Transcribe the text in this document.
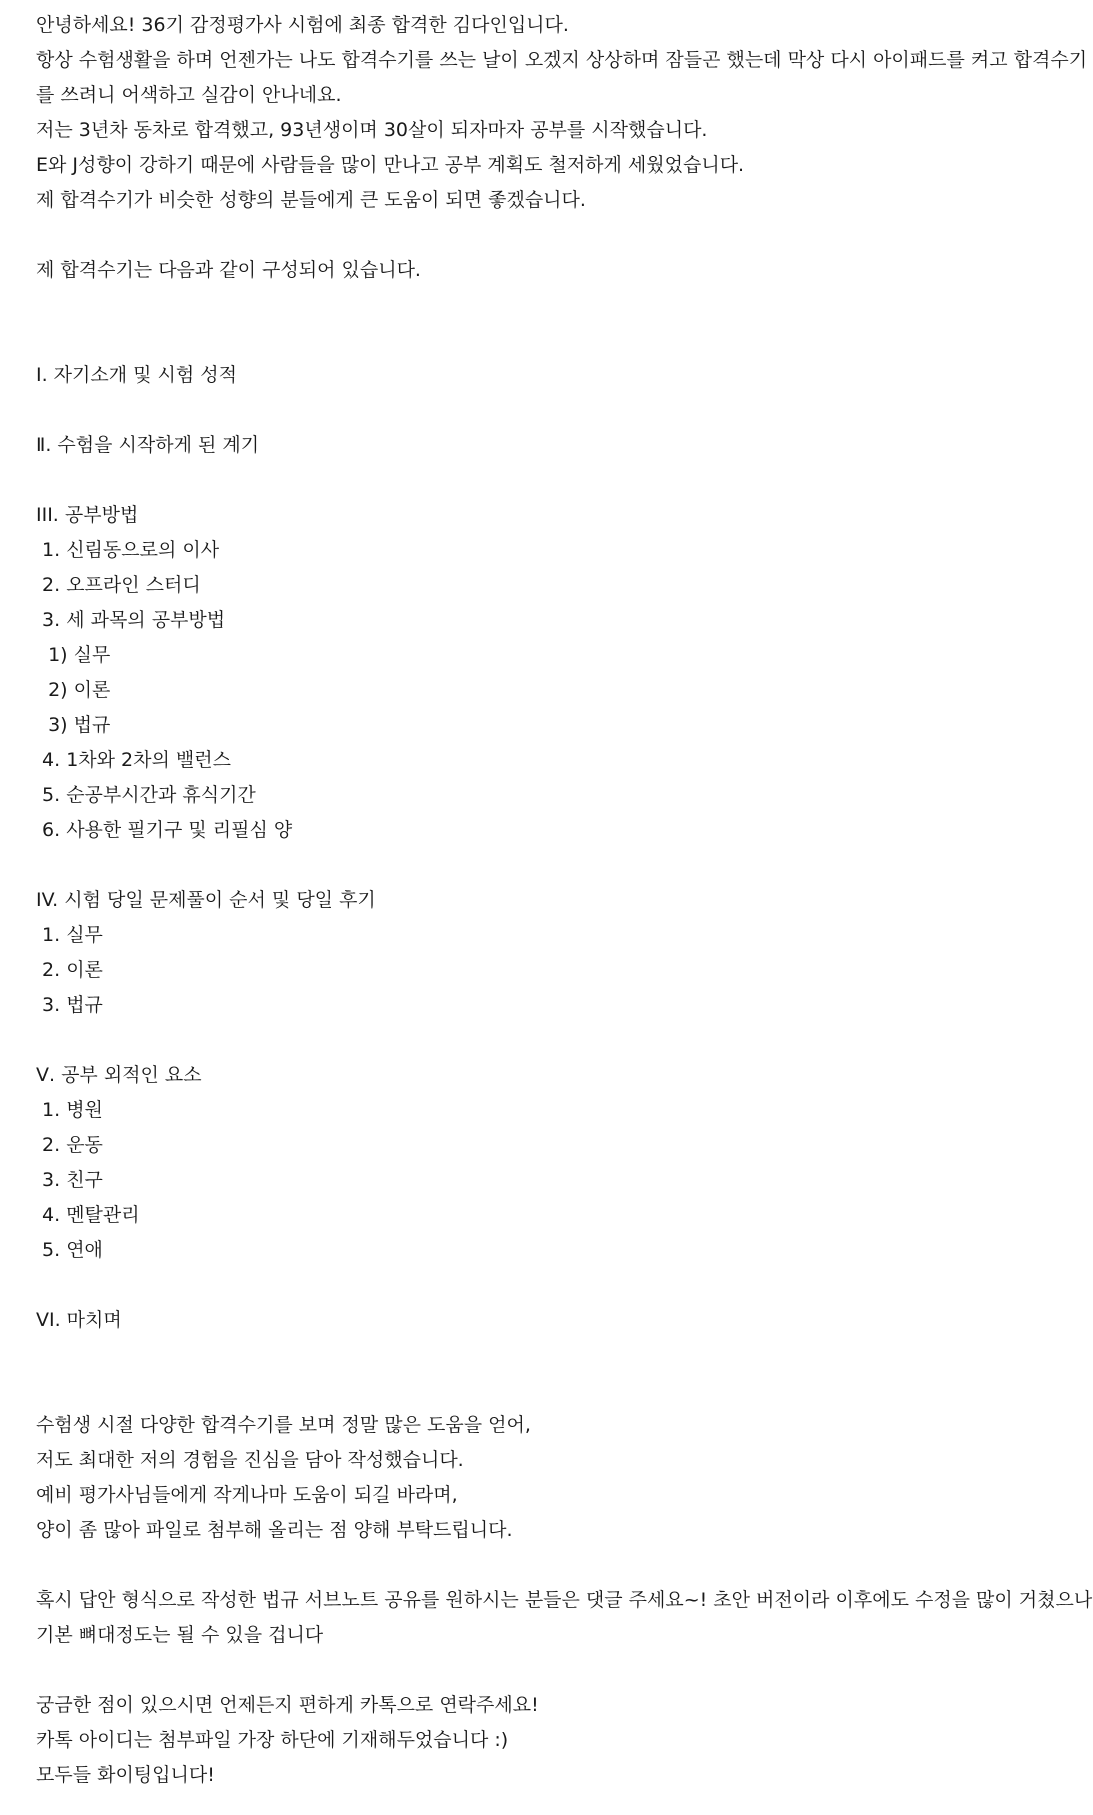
안녕하세요! 36기 감정평가사 시험에 최종 합격한 김다인입니다.
항상 수험생활을 하며 언젠가는 나도 합격수기를 쓰는 날이 오겠지 상상하며 잠들곤 했는데 막상 다시 아이패드를 켜고 합격수기
를 쓰려니 어색하고 실감이 안나네요.
저는 3년차 동차로 합격했고, 93년생이며 30살이 되자마자 공부를 시작했습니다.
E와 J성향이 강하기 때문에 사람들을 많이 만나고 공부 계획도 철저하게 세웠었습니다.
제 합격수기가 비슷한 성향의 분들에게 큰 도움이 되면 좋겠습니다.
제 합격수기는 다음과 같이 구성되어 있습니다.
Ⅰ. 자기소개 및 시험 성적
Ⅱ. 수험을 시작하게 된 계기
III. 공부방법
1. 신림동으로의 이사
2. 오프라인 스터디
3. 세 과목의 공부방법
1) 실무
2) 이론
3) 법규
4. 1차와 2차의 밸런스
5. 순공부시간과 휴식기간
6. 사용한 필기구 및 리필심 양
IV. 시험 당일 문제풀이 순서 및 당일 후기
1. 실무
2. 이론
3. 법규
Ⅴ. 공부 외적인 요소
1. 병원
2. 운동
3. 친구
4. 멘탈관리
5. 연애
VI. 마치며
수험생 시절 다양한 합격수기를 보며 정말 많은 도움을 얻어,
저도 최대한 저의 경험을 진심을 담아 작성했습니다.
예비 평가사님들에게 작게나마 도움이 되길 바라며,
양이 좀 많아 파일로 첨부해 올리는 점 양해 부탁드립니다.
혹시 답안 형식으로 작성한 법규 서브노트 공유를 원하시는 분들은 댓글 주세요~! 초안 버전이라 이후에도 수정을 많이 거쳤으나
기본 뼈대정도는 될 수 있을 겁니다
궁금한 점이 있으시면 언제든지 편하게 카톡으로 연락주세요!
카톡 아이디는 첨부파일 가장 하단에 기재해두었습니다 :)
모두들 화이팅입니다!
